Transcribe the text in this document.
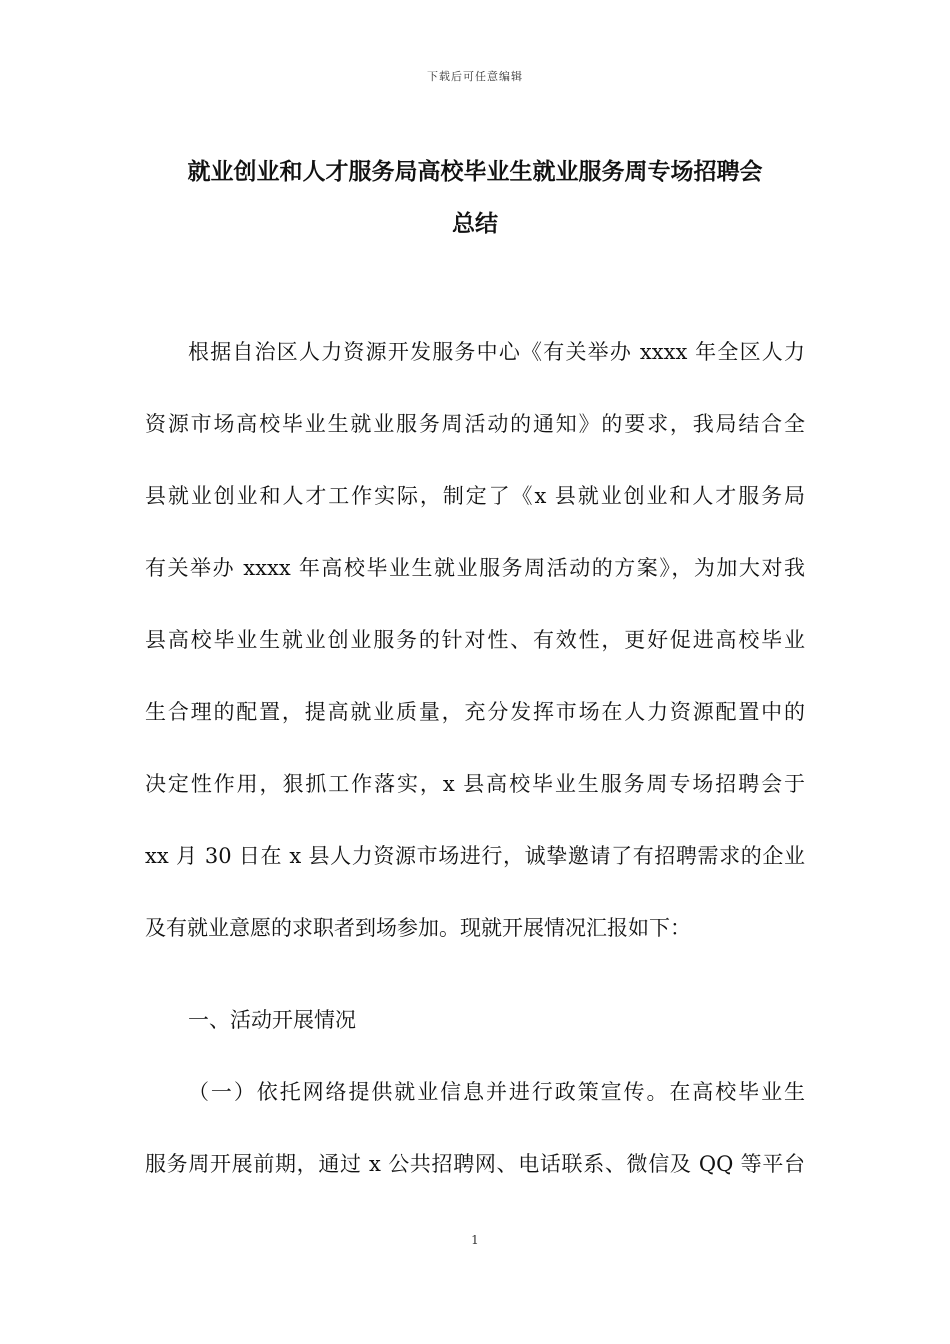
下载后可任意编辑
就业创业和人才服务局高校毕业生就业服务周专场招聘会
总结
根据自治区人力资源开发服务中心《有关举办 xxxx 年全区人力
资源市场高校毕业生就业服务周活动的通知》的要求，我局结合全
县就业创业和人才工作实际，制定了《x 县就业创业和人才服务局
有关举办 xxxx 年高校毕业生就业服务周活动的方案》，为加大对我
县高校毕业生就业创业服务的针对性、有效性，更好促进高校毕业
生合理的配置，提高就业质量，充分发挥市场在人力资源配置中的
决定性作用，狠抓工作落实，x 县高校毕业生服务周专场招聘会于
xx 月 30 日在 x 县人力资源市场进行，诚挚邀请了有招聘需求的企业
及有就业意愿的求职者到场参加。现就开展情况汇报如下：
一、活动开展情况
（一）依托网络提供就业信息并进行政策宣传。在高校毕业生
服务周开展前期，通过 x 公共招聘网、电话联系、微信及 QQ 等平台
1
